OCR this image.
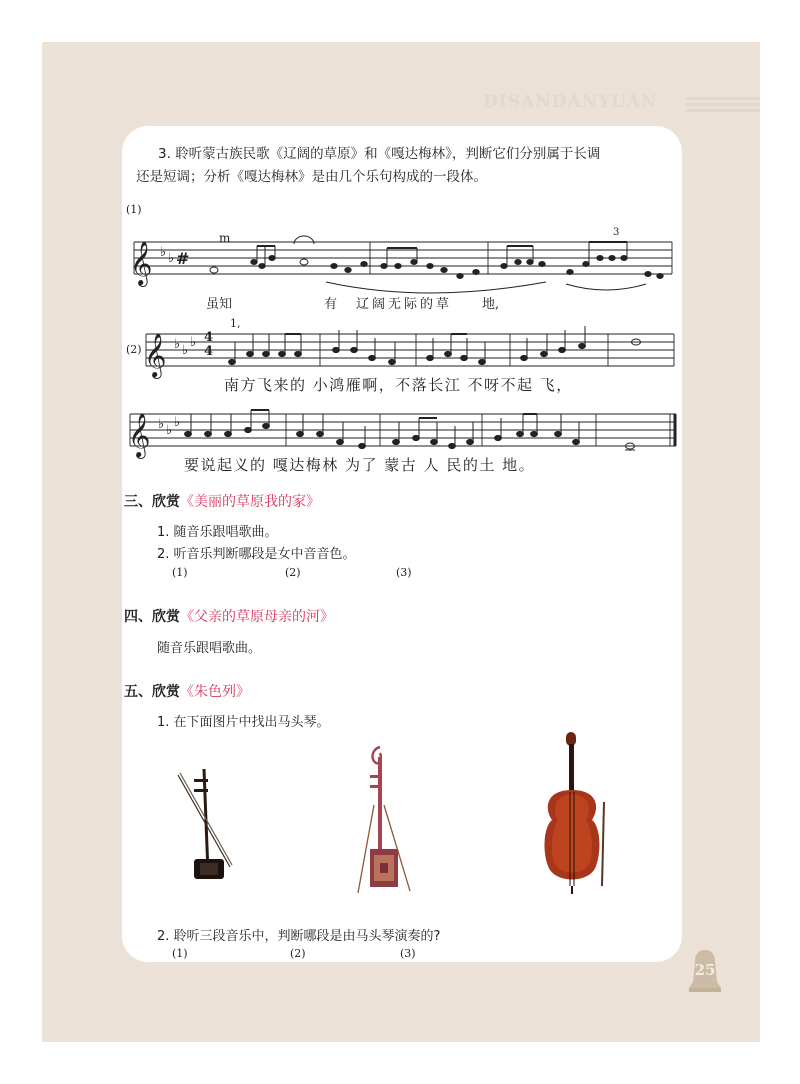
DISANDANYUAN
25
3. 聆听蒙古族民歌《辽阔的草原》和《嘎达梅林》，判断它们分别属于长调
还是短调；分析《嘎达梅林》是由几个乐句构成的一段体。
(1)
m	3
𝄞 ♭ ♭ #
虽知	有 辽阔无际的草 地,
(2)
1,
𝄞 ♭ ♭
♭ 4
4
南方飞来的 小鸿雁啊，不落长江 不呀不起 飞，
𝄞 ♭ ♭
♭
要说起义的 嘎达梅林 为了 蒙古 人 民的土 地。
三、欣赏《美丽的草原我的家》
1. 随音乐跟唱歌曲。
2. 听音乐判断哪段是女中音音色。
(1)	(2)	(3)
四、欣赏《父亲的草原母亲的河》
随音乐跟唱歌曲。
五、欣赏《朱色列》
1. 在下面图片中找出马头琴。
2. 聆听三段音乐中，判断哪段是由马头琴演奏的?
(1)	(2)	(3)
